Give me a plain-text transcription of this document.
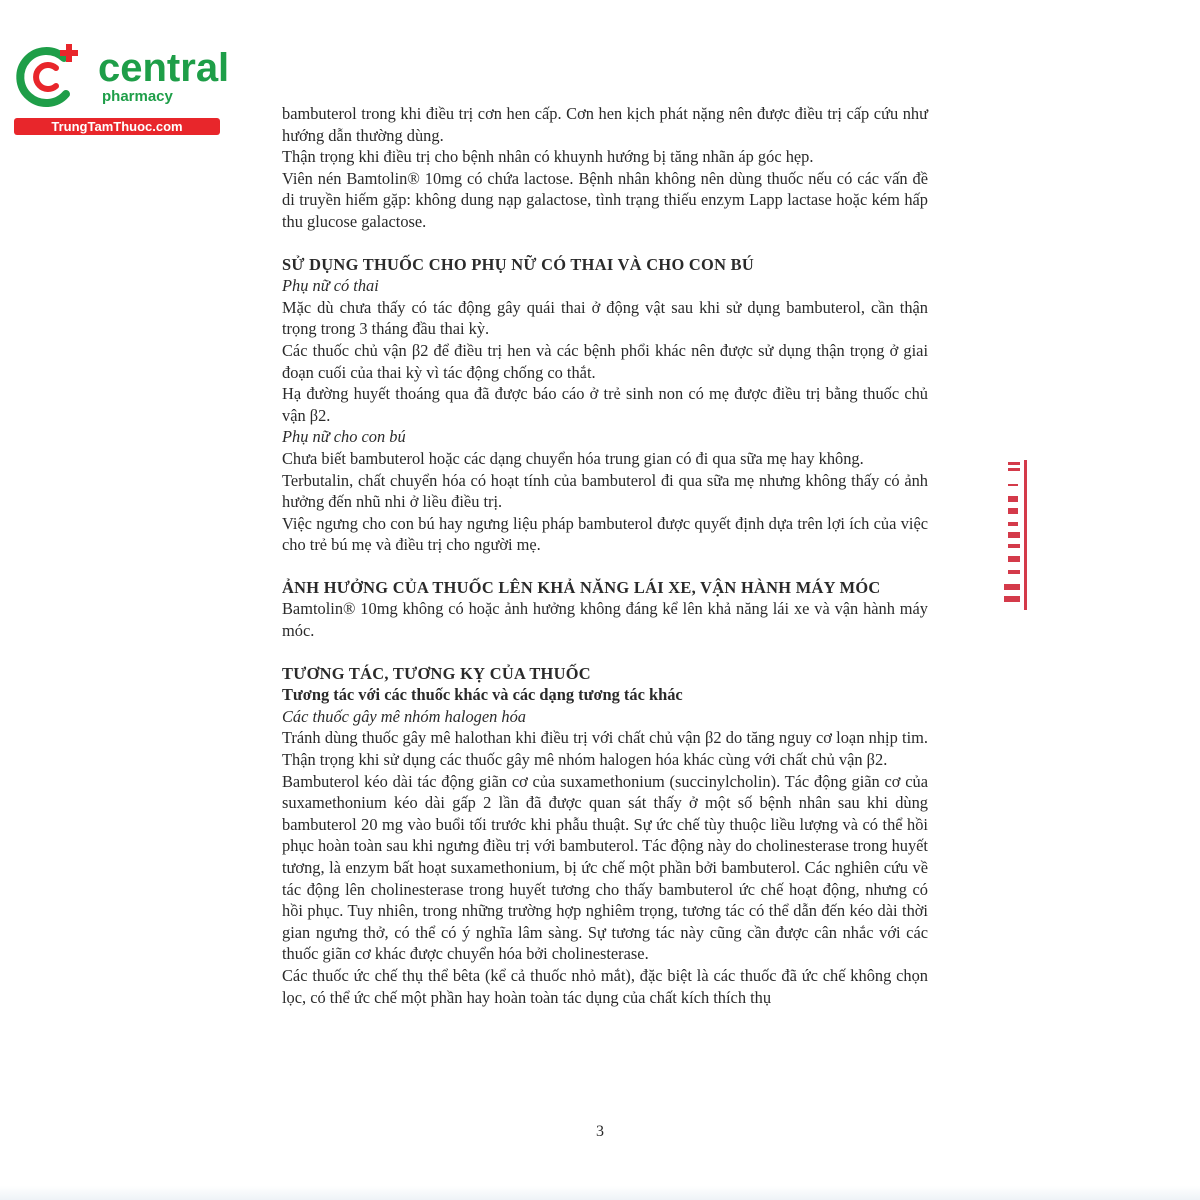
central
pharmacy
TrungTamThuoc.com

bambuterol trong khi điều trị cơn hen cấp. Cơn hen kịch phát nặng nên được điều trị cấp cứu như hướng dẫn thường dùng.

Thận trọng khi điều trị cho bệnh nhân có khuynh hướng bị tăng nhãn áp góc hẹp.

Viên nén Bamtolin® 10mg có chứa lactose. Bệnh nhân không nên dùng thuốc nếu có các vấn đề di truyền hiếm gặp: không dung nạp galactose, tình trạng thiếu enzym Lapp lactase hoặc kém hấp thu glucose galactose.

SỬ DỤNG THUỐC CHO PHỤ NỮ CÓ THAI VÀ CHO CON BÚ

Phụ nữ có thai

Mặc dù chưa thấy có tác động gây quái thai ở động vật sau khi sử dụng bambuterol, cần thận trọng trong 3 tháng đầu thai kỳ.

Các thuốc chủ vận β2 để điều trị hen và các bệnh phổi khác nên được sử dụng thận trọng ở giai đoạn cuối của thai kỳ vì tác động chống co thắt.

Hạ đường huyết thoáng qua đã được báo cáo ở trẻ sinh non có mẹ được điều trị bằng thuốc chủ vận β2.

Phụ nữ cho con bú

Chưa biết bambuterol hoặc các dạng chuyển hóa trung gian có đi qua sữa mẹ hay không.

Terbutalin, chất chuyển hóa có hoạt tính của bambuterol đi qua sữa mẹ nhưng không thấy có ảnh hưởng đến nhũ nhi ở liều điều trị.

Việc ngưng cho con bú hay ngưng liệu pháp bambuterol được quyết định dựa trên lợi ích của việc cho trẻ bú mẹ và điều trị cho người mẹ.

ẢNH HƯỞNG CỦA THUỐC LÊN KHẢ NĂNG LÁI XE, VẬN HÀNH MÁY MÓC

Bamtolin® 10mg không có hoặc ảnh hưởng không đáng kể lên khả năng lái xe và vận hành máy móc.

TƯƠNG TÁC, TƯƠNG KỴ CỦA THUỐC
Tương tác với các thuốc khác và các dạng tương tác khác

Các thuốc gây mê nhóm halogen hóa

Tránh dùng thuốc gây mê halothan khi điều trị với chất chủ vận β2 do tăng nguy cơ loạn nhịp tim. Thận trọng khi sử dụng các thuốc gây mê nhóm halogen hóa khác cùng với chất chủ vận β2.

Bambuterol kéo dài tác động giãn cơ của suxamethonium (succinylcholin). Tác động giãn cơ của suxamethonium kéo dài gấp 2 lần đã được quan sát thấy ở một số bệnh nhân sau khi dùng bambuterol 20 mg vào buổi tối trước khi phẫu thuật. Sự ức chế tùy thuộc liều lượng và có thể hồi phục hoàn toàn sau khi ngưng điều trị với bambuterol. Tác động này do cholinesterase trong huyết tương, là enzym bất hoạt suxamethonium, bị ức chế một phần bởi bambuterol. Các nghiên cứu về tác động lên cholinesterase trong huyết tương cho thấy bambuterol ức chế hoạt động, nhưng có hồi phục. Tuy nhiên, trong những trường hợp nghiêm trọng, tương tác có thể dẫn đến kéo dài thời gian ngưng thở, có thể có ý nghĩa lâm sàng. Sự tương tác này cũng cần được cân nhắc với các thuốc giãn cơ khác được chuyển hóa bởi cholinesterase.

Các thuốc ức chế thụ thể bêta (kể cả thuốc nhỏ mắt), đặc biệt là các thuốc đã ức chế không chọn lọc, có thể ức chế một phần hay hoàn toàn tác dụng của chất kích thích thụ

3
